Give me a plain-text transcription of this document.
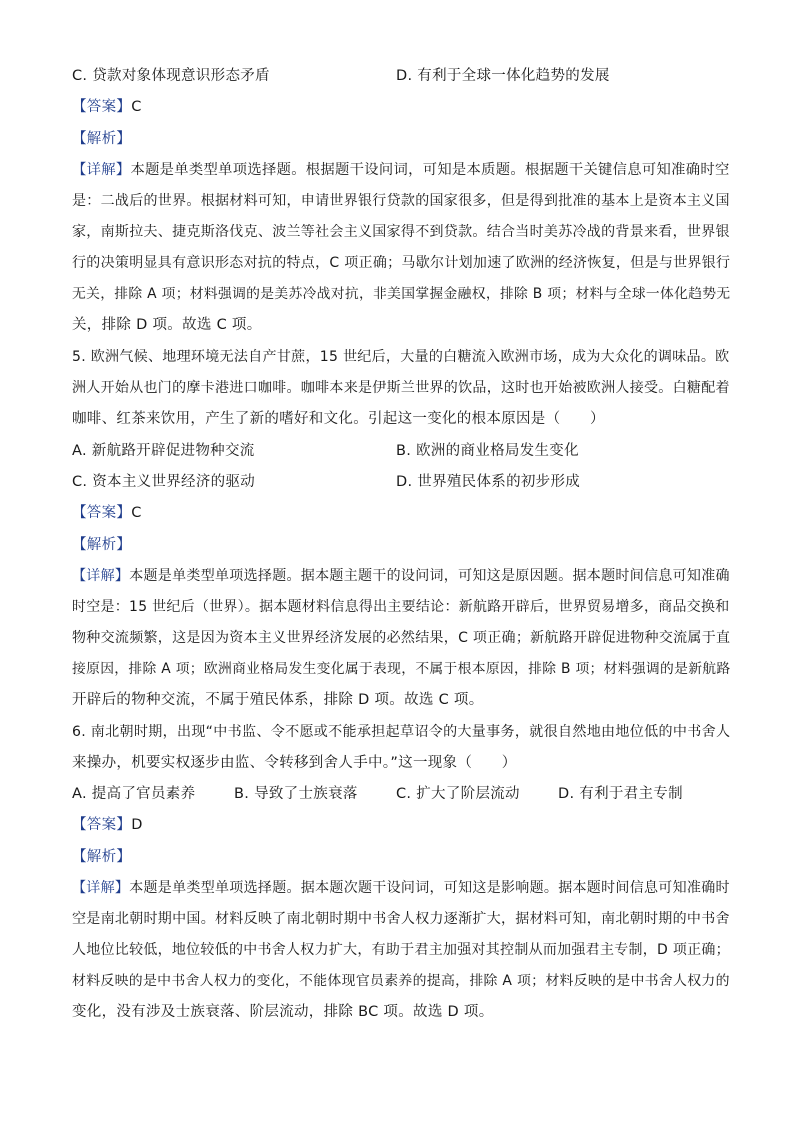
C. 贷款对象体现意识形态矛盾	D. 有利于全球一体化趋势的发展
【答案】C
【解析】
【详解】本题是单类型单项选择题。根据题干设问词，可知是本质题。根据题干关键信息可知准确时空
是：二战后的世界。根据材料可知，申请世界银行贷款的国家很多，但是得到批准的基本上是资本主义国
家，南斯拉夫、捷克斯洛伐克、波兰等社会主义国家得不到贷款。结合当时美苏冷战的背景来看，世界银
行的决策明显具有意识形态对抗的特点，C 项正确；马歇尔计划加速了欧洲的经济恢复，但是与世界银行
无关，排除 A 项；材料强调的是美苏冷战对抗，非美国掌握金融权，排除 B 项；材料与全球一体化趋势无
关，排除 D 项。故选 C 项。
5. 欧洲气候、地理环境无法自产甘蔗，15 世纪后，大量的白糖流入欧洲市场，成为大众化的调味品。欧
洲人开始从也门的摩卡港进口咖啡。咖啡本来是伊斯兰世界的饮品，这时也开始被欧洲人接受。白糖配着
咖啡、红茶来饮用，产生了新的嗜好和文化。引起这一变化的根本原因是（　　）
A. 新航路开辟促进物种交流	B. 欧洲的商业格局发生变化
C. 资本主义世界经济的驱动	D. 世界殖民体系的初步形成
【答案】C
【解析】
【详解】本题是单类型单项选择题。据本题主题干的设问词，可知这是原因题。据本题时间信息可知准确
时空是：15 世纪后（世界）。据本题材料信息得出主要结论：新航路开辟后，世界贸易增多，商品交换和
物种交流频繁，这是因为资本主义世界经济发展的必然结果，C 项正确；新航路开辟促进物种交流属于直
接原因，排除 A 项；欧洲商业格局发生变化属于表现，不属于根本原因，排除 B 项；材料强调的是新航路
开辟后的物种交流，不属于殖民体系，排除 D 项。故选 C 项。
6. 南北朝时期，出现“中书监、令不愿或不能承担起草诏令的大量事务，就很自然地由地位低的中书舍人
来操办，机要实权逐步由监、令转移到舍人手中。”这一现象（　　）
A. 提高了官员素养	B. 导致了士族衰落	C. 扩大了阶层流动	D. 有利于君主专制
【答案】D
【解析】
【详解】本题是单类型单项选择题。据本题次题干设问词，可知这是影响题。据本题时间信息可知准确时
空是南北朝时期中国。材料反映了南北朝时期中书舍人权力逐渐扩大，据材料可知，南北朝时期的中书舍
人地位比较低，地位较低的中书舍人权力扩大，有助于君主加强对其控制从而加强君主专制，D 项正确；
材料反映的是中书舍人权力的变化，不能体现官员素养的提高，排除 A 项；材料反映的是中书舍人权力的
变化，没有涉及士族衰落、阶层流动，排除 BC 项。故选 D 项。
